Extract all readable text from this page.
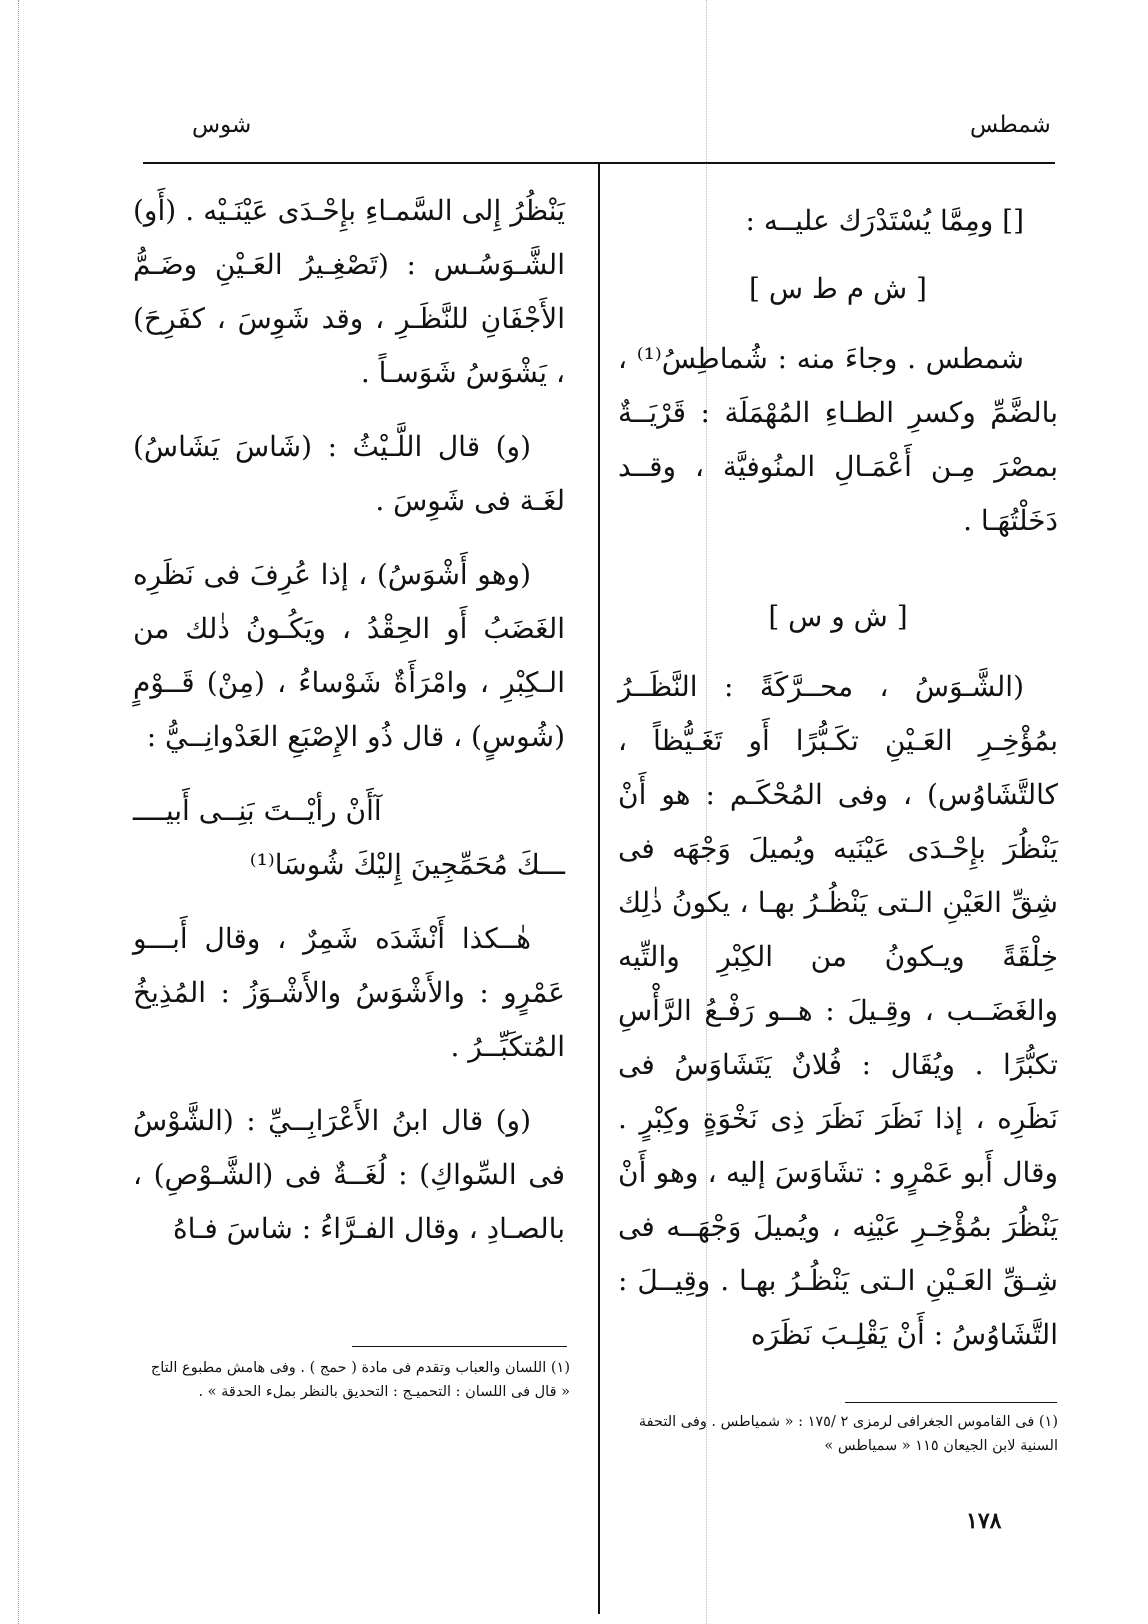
شوس	شمطس

[] ومِمَّا يُسْتَدْرَك عليــه :

[ ش م ط س ]

شمطس . وجاءَ منه : شُماطِسُ⁽¹⁾ ، بالضَّمِّ وكسرِ الطـاءِ المُهْمَلَة : قَرْيَــةٌ بمصْرَ مِـن أَعْمَـالِ المنُوفيَّة ، وقــد دَخَلْتُهَـا .

[ ش و س ]

(الشَّـوَسُ ، محــرَّكَةً : النَّظَــرُ بمُؤْخِـرِ العَـيْنِ تكَـبُّرًا أَو تَغَـيُّظاً ، كالتَّشَاوُس) ، وفى المُحْكَـم : هو أَنْ يَنْظُرَ بإِحْـدَى عَيْنَيه ويُميلَ وَجْهَه فى شِقِّ العَيْنِ الـتى يَنْظُـرُ بهـا ، يكونُ ذٰلِك خِلْقَةً ويـكونُ من الكِبْرِ والتِّيه والغَضَــب ، وقِـيلَ : هــو رَفْـعُ الرَّأْسِ تكبُّرًا . ويُقَال : فُلانٌ يَتَشَاوَسُ فى نَظَرِه ، إذا نَظَرَ نَظَرَ ذِى نَخْوَةٍ وكِبْرٍ . وقال أَبو عَمْرٍو : تشَاوَسَ إليه ، وهو أَنْ يَنْظُرَ بمُؤْخِـرِ عَيْنِه ، ويُميلَ وَجْهَــه فى شِـقِّ العَـيْنِ الـتى يَنْظُـرُ بهـا . وقِيــلَ : التَّشَاوُسُ : أَنْ يَقْلِـبَ نَظَرَه

يَنْظُرُ إِلى السَّمـاءِ بإِحْـدَى عَيْنَـيْه . (أَو) الشَّـوَسُـس : (تَصْغِـيرُ العَـيْنِ وضَـمُّ الأَجْفَانِ للنَّظَـرِ ، وقد شَوِسَ ، كفَرِحَ) ، يَشْوَسُ شَوَسـاً .

(و) قال اللَّـيْثُ : (شَاسَ يَشَاسُ) لغَـة فى شَوِسَ .

(وهو أَشْوَسُ) ، إذا عُرِفَ فى نَظَرِه الغَضَبُ أَو الحِقْدُ ، ويَكُـونُ ذٰلك من الـكِبْرِ ، وامْرَأَةٌ شَوْساءُ ، (مِنْ) قَــوْمٍ (شُوسٍ) ، قال ذُو الإِصْبَعِ العَدْوانِــيُّ :

آأَنْ رأيْــتَ بَنِــى أَبيــــ

ـــكَ مُحَمِّجِينَ إِليْكَ شُوسَا⁽¹⁾

هٰــكذا أَنْشَدَه شَمِرٌ ، وقال أَبـــو عَمْرٍو : والأَشْوَسُ والأَشْـوَزُ : المُذِيخُ المُتكَبِّــرُ .

(و) قال ابنُ الأَعْرَابِــيِّ : (الشَّوْسُ فى السِّواكِ) : لُغَــةٌ فى (الشَّـوْصِ) ، بالصـادِ ، وقال الفـرَّاءُ : شاسَ فـاهُ

(١) فى القاموس الجغرافى لرمزى ٢ /١٧٥ : « شمياطس . وفى التحفة السنية لابن الجيعان ١١٥ « سمياطس »
(١) اللسان والعباب وتقدم فى مادة ( حمج ) . وفى هامش مطبوع التاج « قال فى اللسان : التحميـج : التحديق بالنظر بملء الحدقة » .
١٧٨
